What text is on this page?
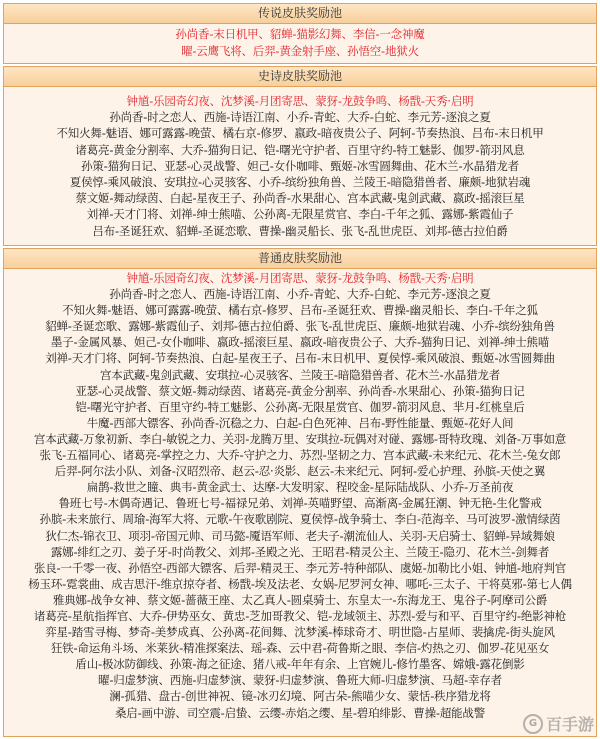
传说皮肤奖励池
孙尚香-末日机甲、貂蝉-猫影幻舞、李信-一念神魔
曜-云鹰飞将、后羿-黄金射手座、孙悟空-地狱火
史诗皮肤奖励池
钟馗-乐园奇幻夜、沈梦溪-月团寄思、蒙犽-龙鼓争鸣、杨戬-天秀·启明
孙尚香-时之恋人、西施-诗语江南、小乔-青蛇、大乔-白蛇、李元芳-逐浪之夏
不知火舞-魅语、娜可露露-晚萤、橘右京-修罗、嬴政-暗夜贵公子、阿轲-节奏热浪、吕布-末日机甲
诸葛亮-黄金分割率、大乔-猫狗日记、铠-曙光守护者、百里守约-特工魅影、伽罗-箭羽风息
孙策-猫狗日记、亚瑟-心灵战警、妲己-女仆咖啡、甄姬-冰雪圆舞曲、花木兰-水晶猎龙者
夏侯惇-乘风破浪、安琪拉-心灵骇客、小乔-缤纷独角兽、兰陵王-暗隐猎兽者、廉颇-地狱岩魂
蔡文姬-舞动绿茵、白起-星夜王子、孙尚香-水果甜心、宫本武藏-鬼剑武藏、嬴政-摇滚巨星
刘禅-天才门将、刘禅-绅士熊喵、公孙离-无限星赏官、李白-千年之狐、露娜-紫霞仙子
吕布-圣诞狂欢、貂蝉-圣诞恋歌、曹操-幽灵船长、张飞-乱世虎臣、刘邦-德古拉伯爵
普通皮肤奖励池
钟馗-乐园奇幻夜、沈梦溪-月团寄思、蒙犽-龙鼓争鸣、杨戬-天秀·启明
孙尚香-时之恋人、西施-诗语江南、小乔-青蛇、大乔-白蛇、李元芳-逐浪之夏
不知火舞-魅语、娜可露露-晚萤、橘右京-修罗、吕布-圣诞狂欢、曹操-幽灵船长、李白-千年之狐
貂蝉-圣诞恋歌、露娜-紫霞仙子、刘邦-德古拉伯爵、张飞-乱世虎臣、廉颇-地狱岩魂、小乔-缤纷独角兽
墨子-金属风暴、妲己-女仆咖啡、嬴政-摇滚巨星、嬴政-暗夜贵公子、大乔-猫狗日记、刘禅-绅士熊喵
刘禅-天才门将、阿轲-节奏热浪、白起-星夜王子、吕布-末日机甲、夏侯惇-乘风破浪、甄姬-冰雪圆舞曲
宫本武藏-鬼剑武藏、安琪拉-心灵骇客、兰陵王-暗隐猎兽者、花木兰-水晶猎龙者
亚瑟-心灵战警、蔡文姬-舞动绿茵、诸葛亮-黄金分割率、孙尚香-水果甜心、孙策-猫狗日记
铠-曙光守护者、百里守约-特工魅影、公孙离-无限星赏官、伽罗-箭羽风息、芈月-红桃皇后
牛魔-西部大镖客、孙尚香-沉稳之力、白起-白色死神、吕布-野性能量、甄姬-花好人间
宫本武藏-万象初新、李白-敏锐之力、关羽-龙腾万里、安琪拉-玩偶对对碰、露娜-哥特玫瑰、刘备-万事如意
张飞-五福同心、诸葛亮-掌控之力、大乔-守护之力、苏烈-坚韧之力、宫本武藏-未来纪元、花木兰-兔女郎
后羿-阿尔法小队、刘备-汉昭烈帝、赵云-忍·炎影、赵云-未来纪元、阿轲-爱心护理、孙膑-天使之翼
扁鹊-救世之瞳、典韦-黄金武士、达摩-大发明家、程咬金-星际陆战队、小乔-万圣前夜
鲁班七号-木偶奇遇记、鲁班七号-福禄兄弟、刘禅-英喵野望、高渐离-金属狂潮、钟无艳-生化警戒
孙膑-未来旅行、周瑜-海军大将、元歌-午夜歌剧院、夏侯惇-战争骑士、李白-范海辛、马可波罗-激情绿茵
狄仁杰-锦衣卫、项羽-帝国元帅、司马懿-魇语军师、老夫子-潮流仙人、关羽-天启骑士、貂蝉-异域舞娘
露娜-绯红之刃、姜子牙-时尚教父、刘邦-圣殿之光、王昭君-精灵公主、兰陵王-隐刃、花木兰-剑舞者
张良-一千零一夜、孙悟空-西部大镖客、后羿-精灵王、李元芳-特种部队、虞姬-加勒比小姐、钟馗-地府判官
杨玉环-霓裳曲、成吉思汗-维京掠夺者、杨戬-埃及法老、女娲-尼罗河女神、哪吒-三太子、干将莫邪-第七人偶
雅典娜-战争女神、蔡文姬-蔷薇王座、太乙真人-圆桌骑士、东皇太一-东海龙王、鬼谷子-阿摩司公爵
诸葛亮-星航指挥官、大乔-伊势巫女、黄忠-芝加哥教父、铠-龙域领主、苏烈-爱与和平、百里守约-绝影神枪
弈星-踏雪寻梅、梦奇-美梦成真、公孙离-花间舞、沈梦溪-棒球奇才、明世隐-占星师、裴擒虎-街头旋风
狂铁-命运角斗场、米莱狄-精准探案法、瑶-森、云中君-荷鲁斯之眼、李信-灼热之刃、伽罗-花见巫女
盾山-极冰防御线、孙策-海之征途、猪八戒-年年有余、上官婉儿-修竹墨客、嫦娥-露花倒影
曜-归虚梦演、西施-归虚梦演、蒙犽-归虚梦演、鲁班大师-归虚梦演、马超-幸存者
澜-孤猎、盘古-创世神祝、镜-冰刃幻境、阿古朵-熊喵少女、蒙恬-秩序猎龙将
桑启-画中游、司空震-启蛰、云缨-赤焰之缨、星-碧珀绯影、曹操-超能战警
G 百手游
